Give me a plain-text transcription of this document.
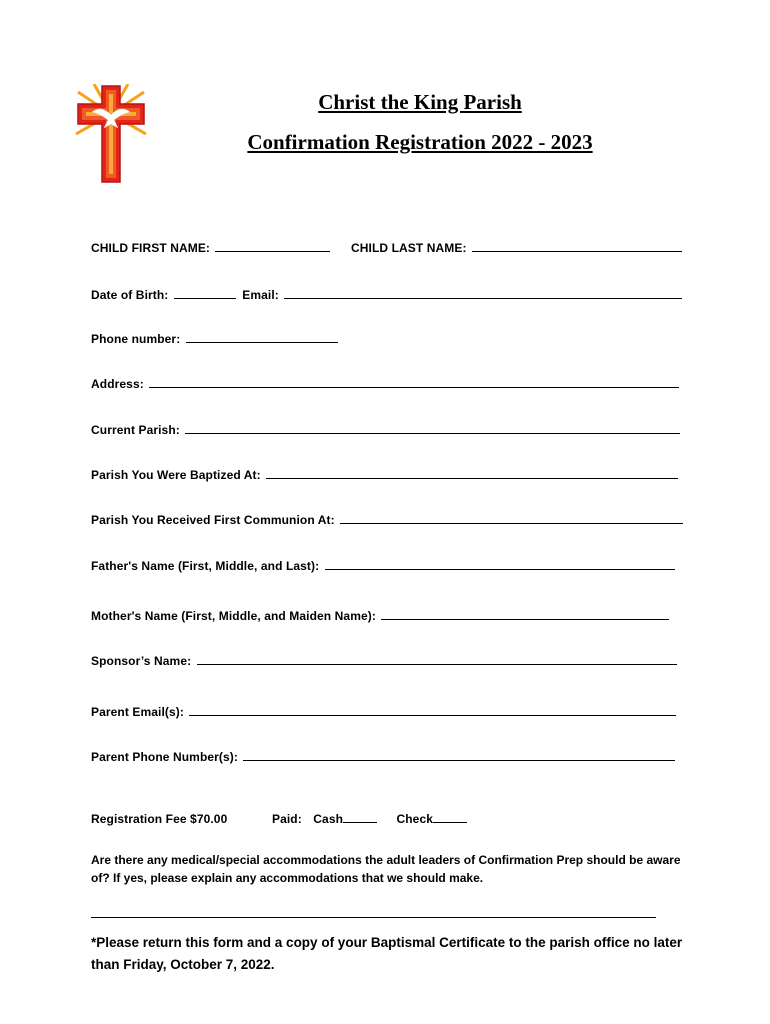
Christ the King Parish
Confirmation Registration 2022 - 2023
CHILD FIRST NAME:	CHILD LAST NAME:
Date of Birth:	Email:
Phone number:
Address:
Current Parish:
Parish You Were Baptized At:
Parish You Received First Communion At:
Father's Name (First, Middle, and Last):
Mother's Name (First, Middle, and Maiden Name):
Sponsor’s Name:
Parent Email(s):
Parent Phone Number(s):
Registration Fee $70.00	Paid: Cash	Check
Are there any medical/special accommodations the adult leaders of Confirmation Prep should be aware of? If yes, please explain any accommodations that we should make.
*Please return this form and a copy of your Baptismal Certificate to the parish office no later than Friday, October 7, 2022.
